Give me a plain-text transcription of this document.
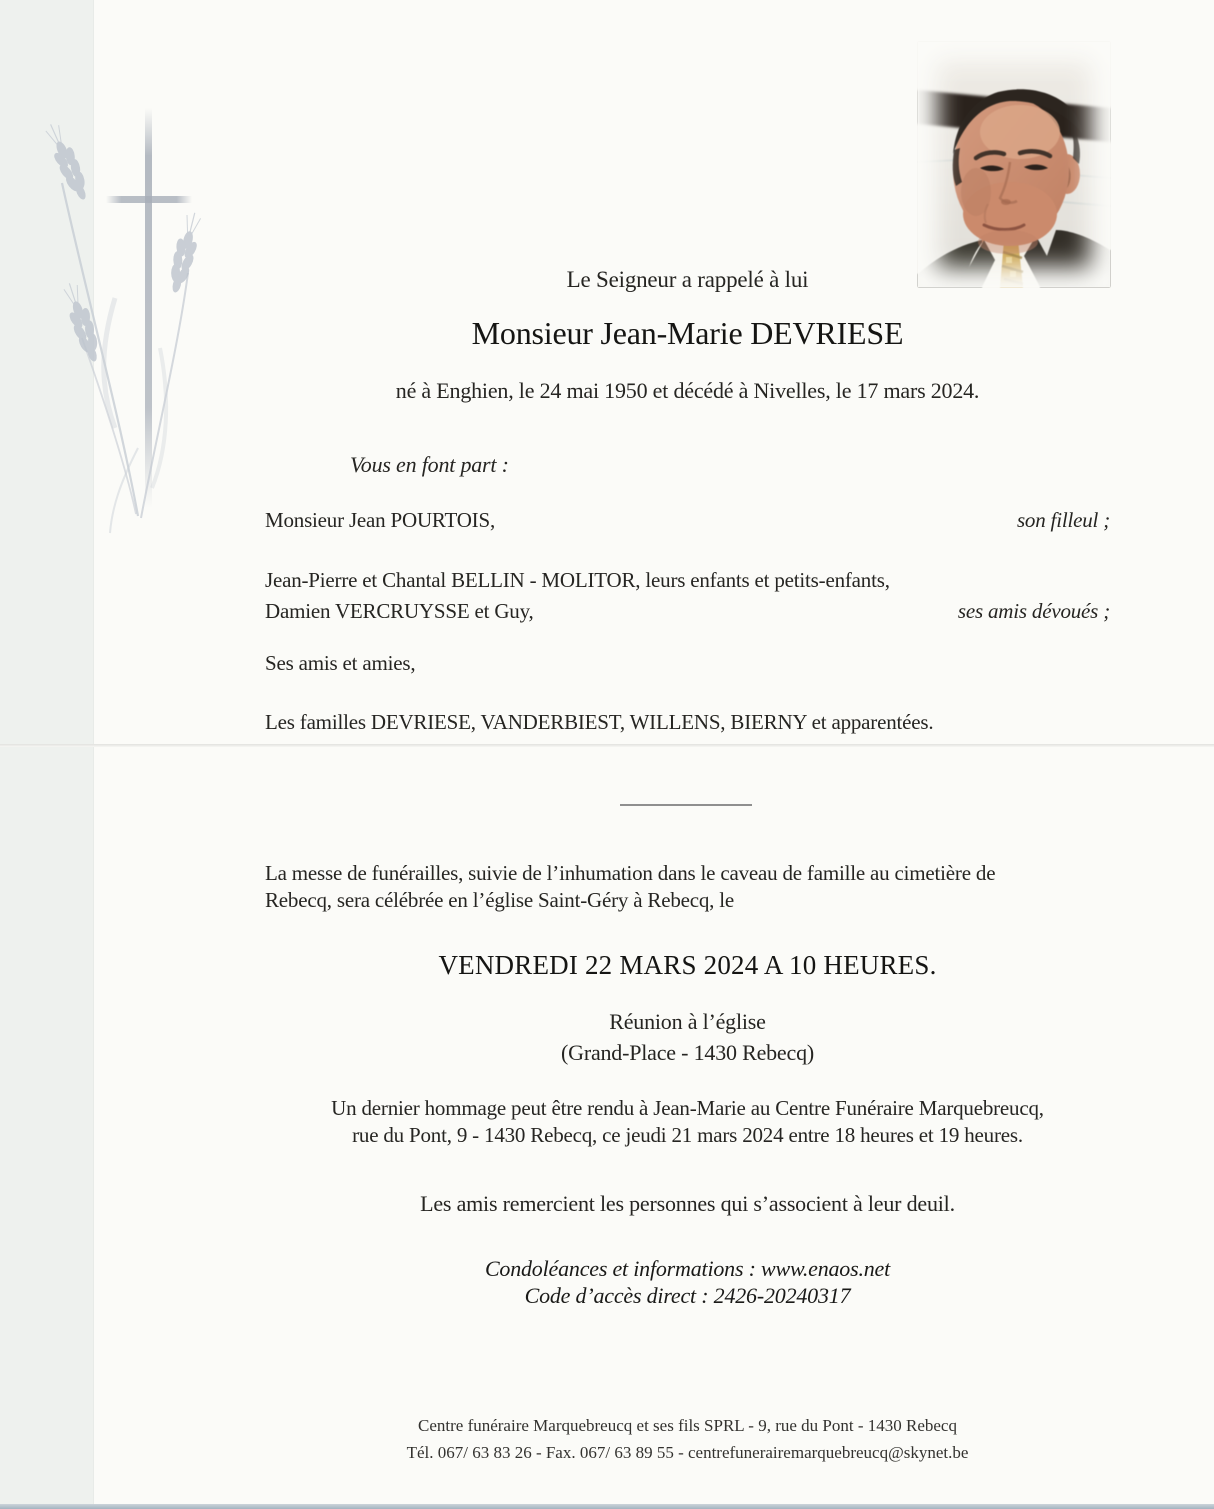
Le Seigneur a rappelé à lui
Monsieur Jean-Marie DEVRIESE
né à Enghien, le 24 mai 1950 et décédé à Nivelles, le 17 mars 2024.
Vous en font part :
Monsieur Jean POURTOIS,	son filleul ;
Jean-Pierre et Chantal BELLIN - MOLITOR, leurs enfants et petits-enfants,
Damien VERCRUYSSE et Guy,	ses amis dévoués ;
Ses amis et amies,
Les familles DEVRIESE, VANDERBIEST, WILLENS, BIERNY et apparentées.
La messe de funérailles, suivie de l’inhumation dans le caveau de famille au cimetière de
Rebecq, sera célébrée en l’église Saint-Géry à Rebecq, le
VENDREDI 22 MARS 2024 A 10 HEURES.
Réunion à l’église
(Grand-Place - 1430 Rebecq)
Un dernier hommage peut être rendu à Jean-Marie au Centre Funéraire Marquebreucq,
rue du Pont, 9 - 1430 Rebecq, ce jeudi 21 mars 2024 entre 18 heures et 19 heures.
Les amis remercient les personnes qui s’associent à leur deuil.
Condoléances et informations : www.enaos.net
Code d’accès direct : 2426-20240317
Centre funéraire Marquebreucq et ses fils SPRL - 9, rue du Pont - 1430 Rebecq
Tél. 067/ 63 83 26 - Fax. 067/ 63 89 55 - centrefunerairemarquebreucq@skynet.be
